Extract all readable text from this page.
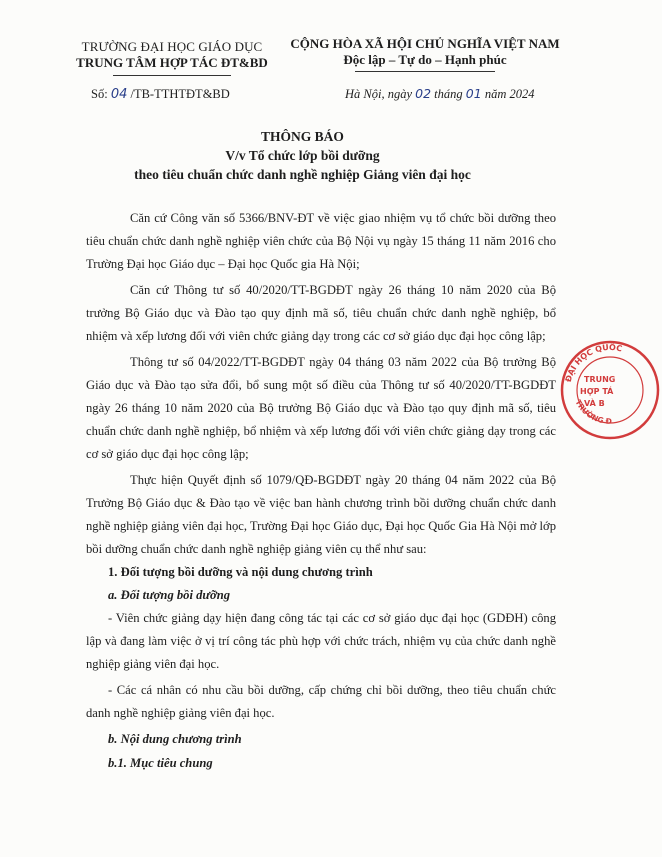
TRƯỜNG ĐẠI HỌC GIÁO DỤC
TRUNG TÂM HỢP TÁC ĐT&BD
CỘNG HÒA XÃ HỘI CHỦ NGHĨA VIỆT NAM
Độc lập – Tự do – Hạnh phúc
Số: 04 /TB-TTHTĐT&BD	Hà Nội, ngày 02 tháng 01 năm 2024
THÔNG BÁO
V/v Tổ chức lớp bồi dưỡng
theo tiêu chuẩn chức danh nghề nghiệp Giảng viên đại học

Căn cứ Công văn số 5366/BNV-ĐT về việc giao nhiệm vụ tổ chức bồi dưỡng theo tiêu chuẩn chức danh nghề nghiệp viên chức của Bộ Nội vụ ngày 15 tháng 11 năm 2016 cho Trường Đại học Giáo dục – Đại học Quốc gia Hà Nội;

Căn cứ Thông tư số 40/2020/TT-BGDĐT ngày 26 tháng 10 năm 2020 của Bộ trưởng Bộ Giáo dục và Đào tạo quy định mã số, tiêu chuẩn chức danh nghề nghiệp, bổ nhiệm và xếp lương đối với viên chức giảng dạy trong các cơ sở giáo dục đại học công lập;

Thông tư số 04/2022/TT-BGDĐT ngày 04 tháng 03 năm 2022 của Bộ trưởng Bộ Giáo dục và Đào tạo sửa đổi, bổ sung một số điều của Thông tư số 40/2020/TT-BGDĐT ngày 26 tháng 10 năm 2020 của Bộ trưởng Bộ Giáo dục và Đào tạo quy định mã số, tiêu chuẩn chức danh nghề nghiệp, bổ nhiệm và xếp lương đối với viên chức giảng dạy trong các cơ sở giáo dục đại học công lập;

Thực hiện Quyết định số 1079/QĐ-BGDĐT ngày 20 tháng 04 năm 2022 của Bộ Trưởng Bộ Giáo dục & Đào tạo về việc ban hành chương trình bồi dưỡng chuẩn chức danh nghề nghiệp giảng viên đại học, Trường Đại học Giáo dục, Đại học Quốc Gia Hà Nội mở lớp bồi dưỡng chuẩn chức danh nghề nghiệp giảng viên cụ thể như sau:

1. Đối tượng bồi dưỡng và nội dung chương trình

a. Đối tượng bồi dưỡng

- Viên chức giảng dạy hiện đang công tác tại các cơ sở giáo dục đại học (GDĐH) công lập và đang làm việc ở vị trí công tác phù hợp với chức trách, nhiệm vụ của chức danh nghề nghiệp giảng viên đại học.

- Các cá nhân có nhu cầu bồi dưỡng, cấp chứng chỉ bồi dưỡng, theo tiêu chuẩn chức danh nghề nghiệp giảng viên đại học.

b. Nội dung chương trình

b.1. Mục tiêu chung

ĐẠI HỌC QUỐC
TRƯỜNG Đ
TRUNG
HỢP TÁ
VÀ B
